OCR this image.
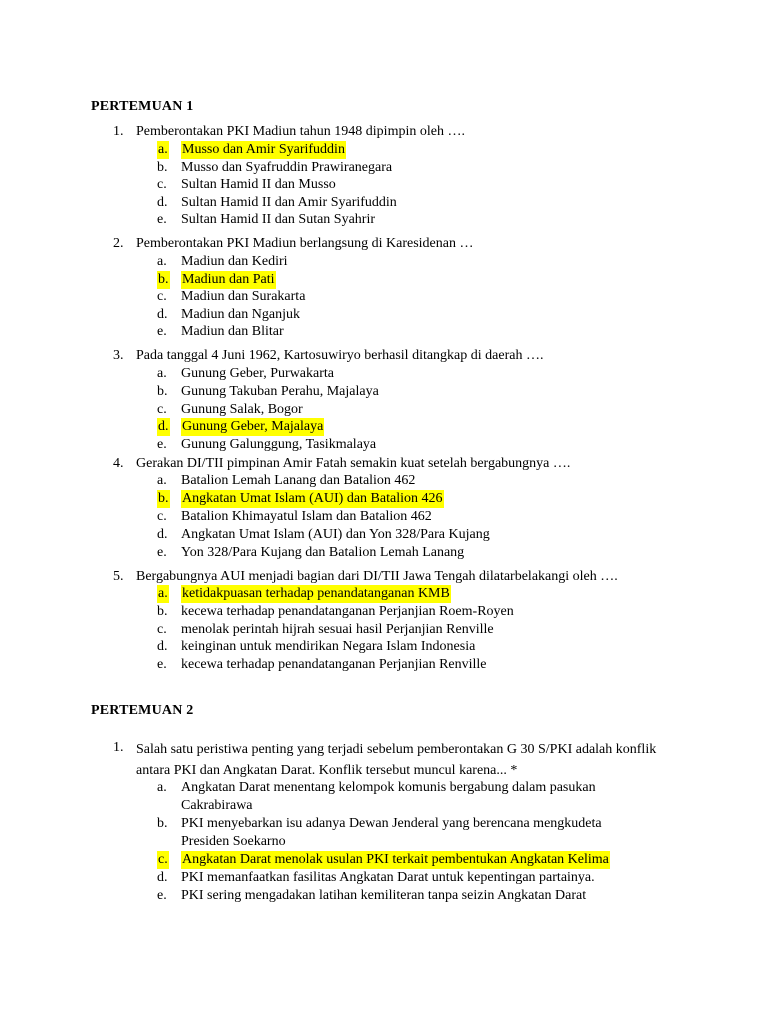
PERTEMUAN 1
1. Pemberontakan PKI Madiun tahun 1948 dipimpin oleh ….
a. Musso dan Amir Syarifuddin
b. Musso dan Syafruddin Prawiranegara
c. Sultan Hamid II dan Musso
d. Sultan Hamid II dan Amir Syarifuddin
e. Sultan Hamid II dan Sutan Syahrir
2. Pemberontakan PKI Madiun berlangsung di Karesidenan …
a. Madiun dan Kediri
b. Madiun dan Pati
c. Madiun dan Surakarta
d. Madiun dan Nganjuk
e. Madiun dan Blitar
3. Pada tanggal 4 Juni 1962, Kartosuwiryo berhasil ditangkap di daerah ….
a. Gunung Geber, Purwakarta
b. Gunung Takuban Perahu, Majalaya
c. Gunung Salak, Bogor
d. Gunung Geber, Majalaya
e. Gunung Galunggung, Tasikmalaya
4. Gerakan DI/TII pimpinan Amir Fatah semakin kuat setelah bergabungnya ….
a. Batalion Lemah Lanang dan Batalion 462
b. Angkatan Umat Islam (AUI) dan Batalion 426
c. Batalion Khimayatul Islam dan Batalion 462
d. Angkatan Umat Islam (AUI) dan Yon 328/Para Kujang
e. Yon 328/Para Kujang dan Batalion Lemah Lanang
5. Bergabungnya AUI menjadi bagian dari DI/TII Jawa Tengah dilatarbelakangi oleh ….
a. ketidakpuasan terhadap penandatanganan KMB
b. kecewa terhadap penandatanganan Perjanjian Roem-Royen
c. menolak perintah hijrah sesuai hasil Perjanjian Renville
d. keinginan untuk mendirikan Negara Islam Indonesia
e. kecewa terhadap penandatanganan Perjanjian Renville
PERTEMUAN 2
1. Salah satu peristiwa penting yang terjadi sebelum pemberontakan G 30 S/PKI adalah konflik antara PKI dan Angkatan Darat. Konflik tersebut muncul karena... *
a. Angkatan Darat menentang kelompok komunis bergabung dalam pasukan Cakrabirawa
b. PKI menyebarkan isu adanya Dewan Jenderal yang berencana mengkudeta Presiden Soekarno
c. Angkatan Darat menolak usulan PKI terkait pembentukan Angkatan Kelima
d. PKI memanfaatkan fasilitas Angkatan Darat untuk kepentingan partainya.
e. PKI sering mengadakan latihan kemiliteran tanpa seizin Angkatan Darat
